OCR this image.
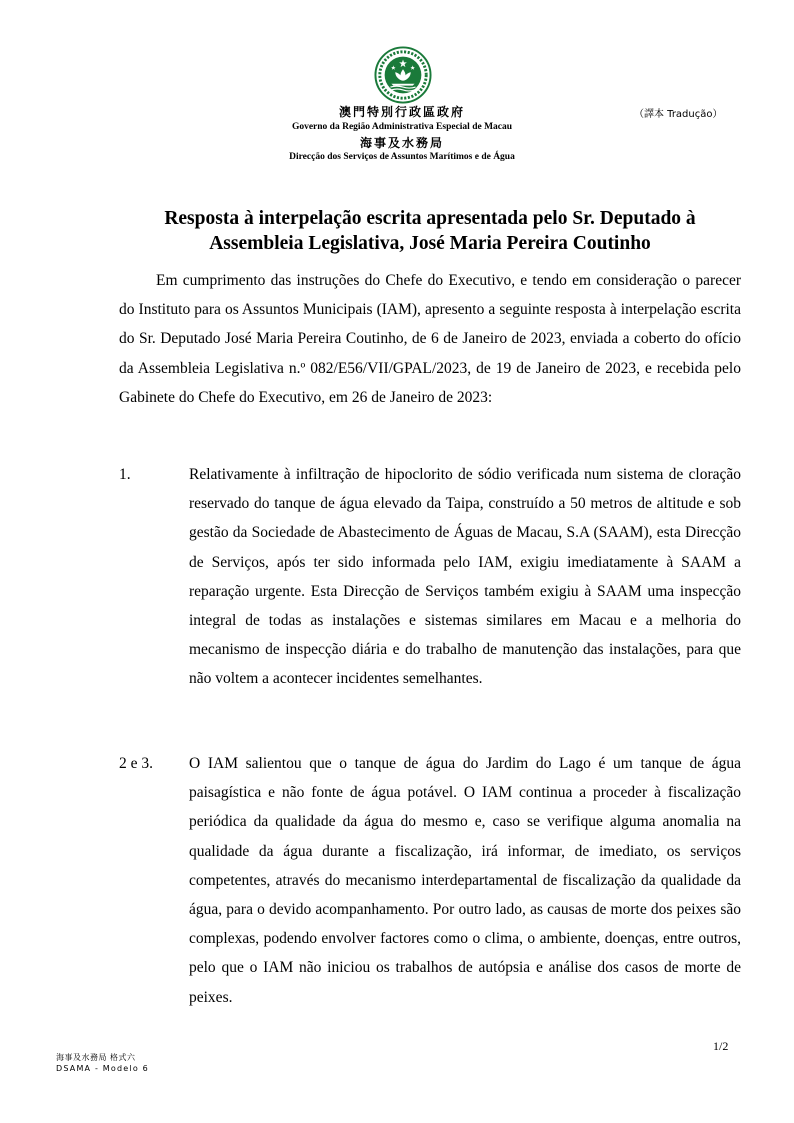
澳門特別行政區政府
Governo da Região Administrativa Especial de Macau
海事及水務局
Direcção dos Serviços de Assuntos Marítimos e de Água
（譯本 Tradução）
Resposta à interpelação escrita apresentada pelo Sr. Deputado à
Assembleia Legislativa, José Maria Pereira Coutinho

Em cumprimento das instruções do Chefe do Executivo, e tendo em consideração o parecer do Instituto para os Assuntos Municipais (IAM), apresento a seguinte resposta à interpelação escrita do Sr. Deputado José Maria Pereira Coutinho, de 6 de Janeiro de 2023, enviada a coberto do ofício da Assembleia Legislativa n.º 082/E56/VII/GPAL/2023, de 19 de Janeiro de 2023, e recebida pelo Gabinete do Chefe do Executivo, em 26 de Janeiro de 2023:

1.	Relativamente à infiltração de hipoclorito de sódio verificada num sistema de cloração reservado do tanque de água elevado da Taipa, construído a 50 metros de altitude e sob gestão da Sociedade de Abastecimento de Águas de Macau, S.A (SAAM), esta Direcção de Serviços, após ter sido informada pelo IAM, exigiu imediatamente à SAAM a reparação urgente. Esta Direcção de Serviços também exigiu à SAAM uma inspecção integral de todas as instalações e sistemas similares em Macau e a melhoria do mecanismo de inspecção diária e do trabalho de manutenção das instalações, para que não voltem a acontecer incidentes semelhantes.

2 e 3. O IAM salientou que o tanque de água do Jardim do Lago é um tanque de água paisagística e não fonte de água potável. O IAM continua a proceder à fiscalização periódica da qualidade da água do mesmo e, caso se verifique alguma anomalia na qualidade da água durante a fiscalização, irá informar, de imediato, os serviços competentes, através do mecanismo interdepartamental de fiscalização da qualidade da água, para o devido acompanhamento. Por outro lado, as causas de morte dos peixes são complexas, podendo envolver factores como o clima, o ambiente, doenças, entre outros, pelo que o IAM não iniciou os trabalhos de autópsia e análise dos casos de morte de peixes.

1/2
海事及水務局 格式六
DSAMA - Modelo 6
